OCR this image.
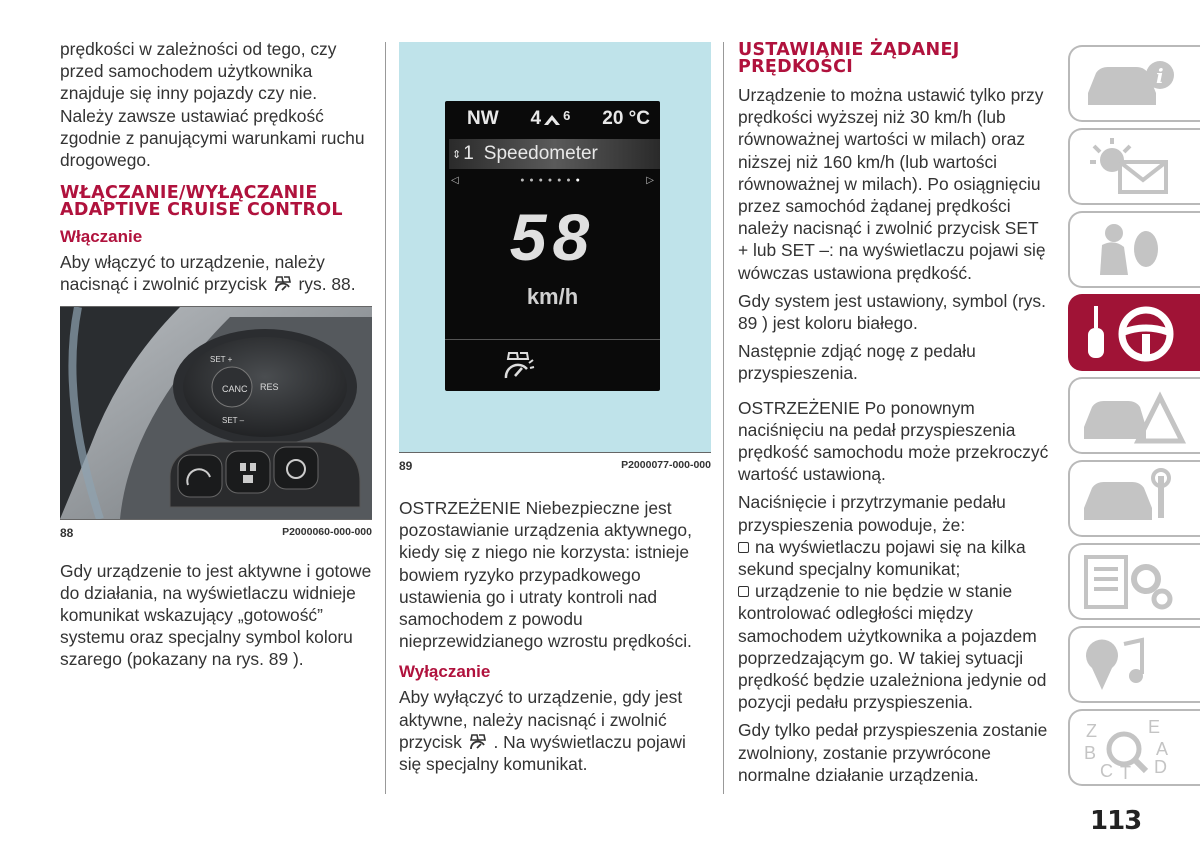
prędkości w zależności od tego, czy przed samochodem użytkownika znajduje się inny pojazdy czy nie. Należy zawsze ustawiać prędkość zgodnie z panującymi warunkami ruchu drogowego.

WŁĄCZANIE/WYŁĄCZANIE ADAPTIVE CRUISE CONTROL
Włączanie

Aby włączyć to urządzenie, należy nacisnąć i zwolnić przycisk rys. 88.

CANC
SET +
RES
SET –
88	P2000060-000-000

Gdy urządzenie to jest aktywne i gotowe do działania, na wyświetlaczu widnieje komunikat wskazujący „gotowość” systemu oraz specjalny symbol koloru szarego (pokazany na rys. 89 ).

NW 4 6 20 °C
⇕ 1 Speedometer
◁	●●●●●●●	▷
58
km/h
89	P2000077-000-000

OSTRZEŻENIE Niebezpieczne jest pozostawianie urządzenia aktywnego, kiedy się z niego nie korzysta: istnieje bowiem ryzyko przypadkowego ustawienia go i utraty kontroli nad samochodem z powodu nieprzewidzianego wzrostu prędkości.

Wyłączanie

Aby wyłączyć to urządzenie, gdy jest aktywne, należy nacisnąć i zwolnić przycisk . Na wyświetlaczu pojawi się specjalny komunikat.

USTAWIANIE ŻĄDANEJ PRĘDKOŚCI

Urządzenie to można ustawić tylko przy prędkości wyższej niż 30 km/h (lub równoważnej wartości w milach) oraz niższej niż 160 km/h (lub wartości równoważnej w milach). Po osiągnięciu przez samochód żądanej prędkości należy nacisnąć i zwolnić przycisk SET + lub SET –: na wyświetlaczu pojawi się wówczas ustawiona prędkość.

Gdy system jest ustawiony, symbol (rys. 89 ) jest koloru białego.

Następnie zdjąć nogę z pedału przyspieszenia.

OSTRZEŻENIE Po ponownym naciśnięciu na pedał przyspieszenia prędkość samochodu może przekroczyć wartość ustawioną.

Naciśnięcie i przytrzymanie pedału przyspieszenia powoduje, że:

na wyświetlaczu pojawi się na kilka sekund specjalny komunikat;

urządzenie to nie będzie w stanie kontrolować odległości między samochodem użytkownika a pojazdem poprzedzającym go. W takiej sytuacji prędkość będzie uzależniona jedynie od pozycji pedału przyspieszenia.

Gdy tylko pedał przyspieszenia zostanie zwolniony, zostanie przywrócone normalne działanie urządzenia.

i
Z	E
A
B
C T D
113
